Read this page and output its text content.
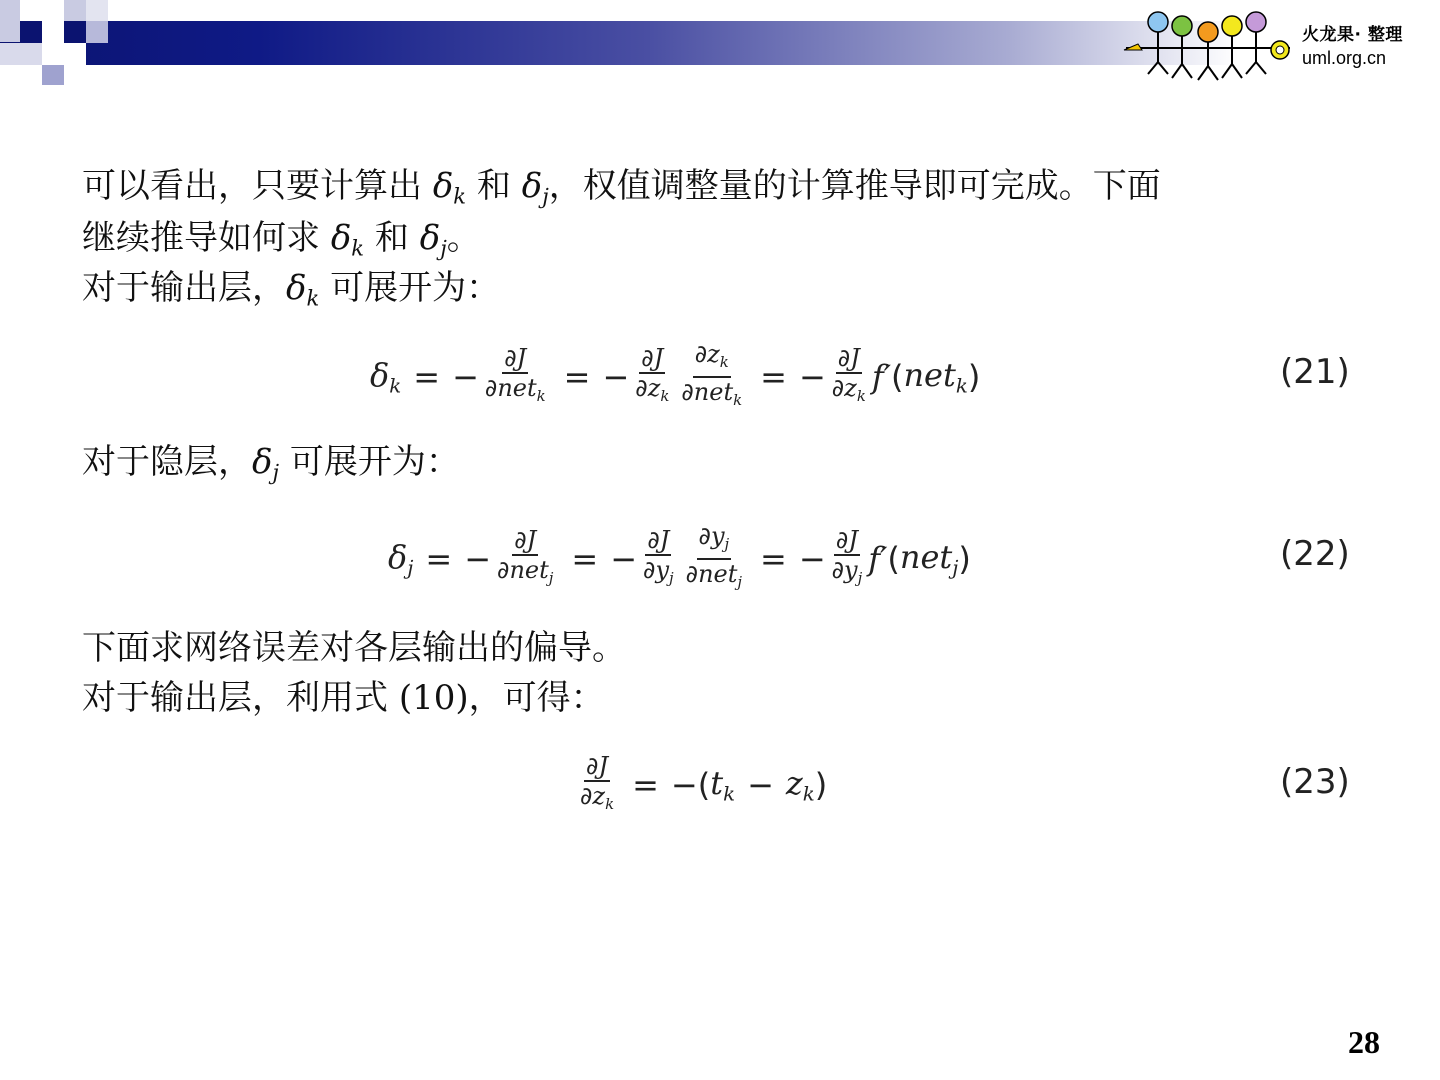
火龙果· 整理
uml.org.cn
可以看出，只要计算出 $\delta_k$ 和 $\delta_j$，权值调整量的计算推导即可完成。下面
继续推导如何求 $\delta_k$ 和 $\delta_j$。
对于输出层，$\delta_k$ 可展开为：
$\delta_k$ = − $\frac{\partial J}{\partial net_k}$ = − $\frac{\partial J}{\partial z_k} \frac{\partial z_k}{\partial net_k}$ = − $\frac{\partial J}{\partial z_k} f'$ ( net$_k$ )	(21)
对于隐层，$\delta_j$ 可展开为：
$\delta_j$ = − $\frac{\partial J}{\partial net_j}$ = − $\frac{\partial J}{\partial y_j} \frac{\partial y_j}{\partial net_j}$ = − $\frac{\partial J}{\partial y_j} f'$ ( net$_j$ )	(22)
下面求网络误差对各层输出的偏导。
对于输出层，利用式 (10)，可得：
$\frac{\partial J}{\partial z_k}$ = −( $t_k - z_k$ )	(23)
28
